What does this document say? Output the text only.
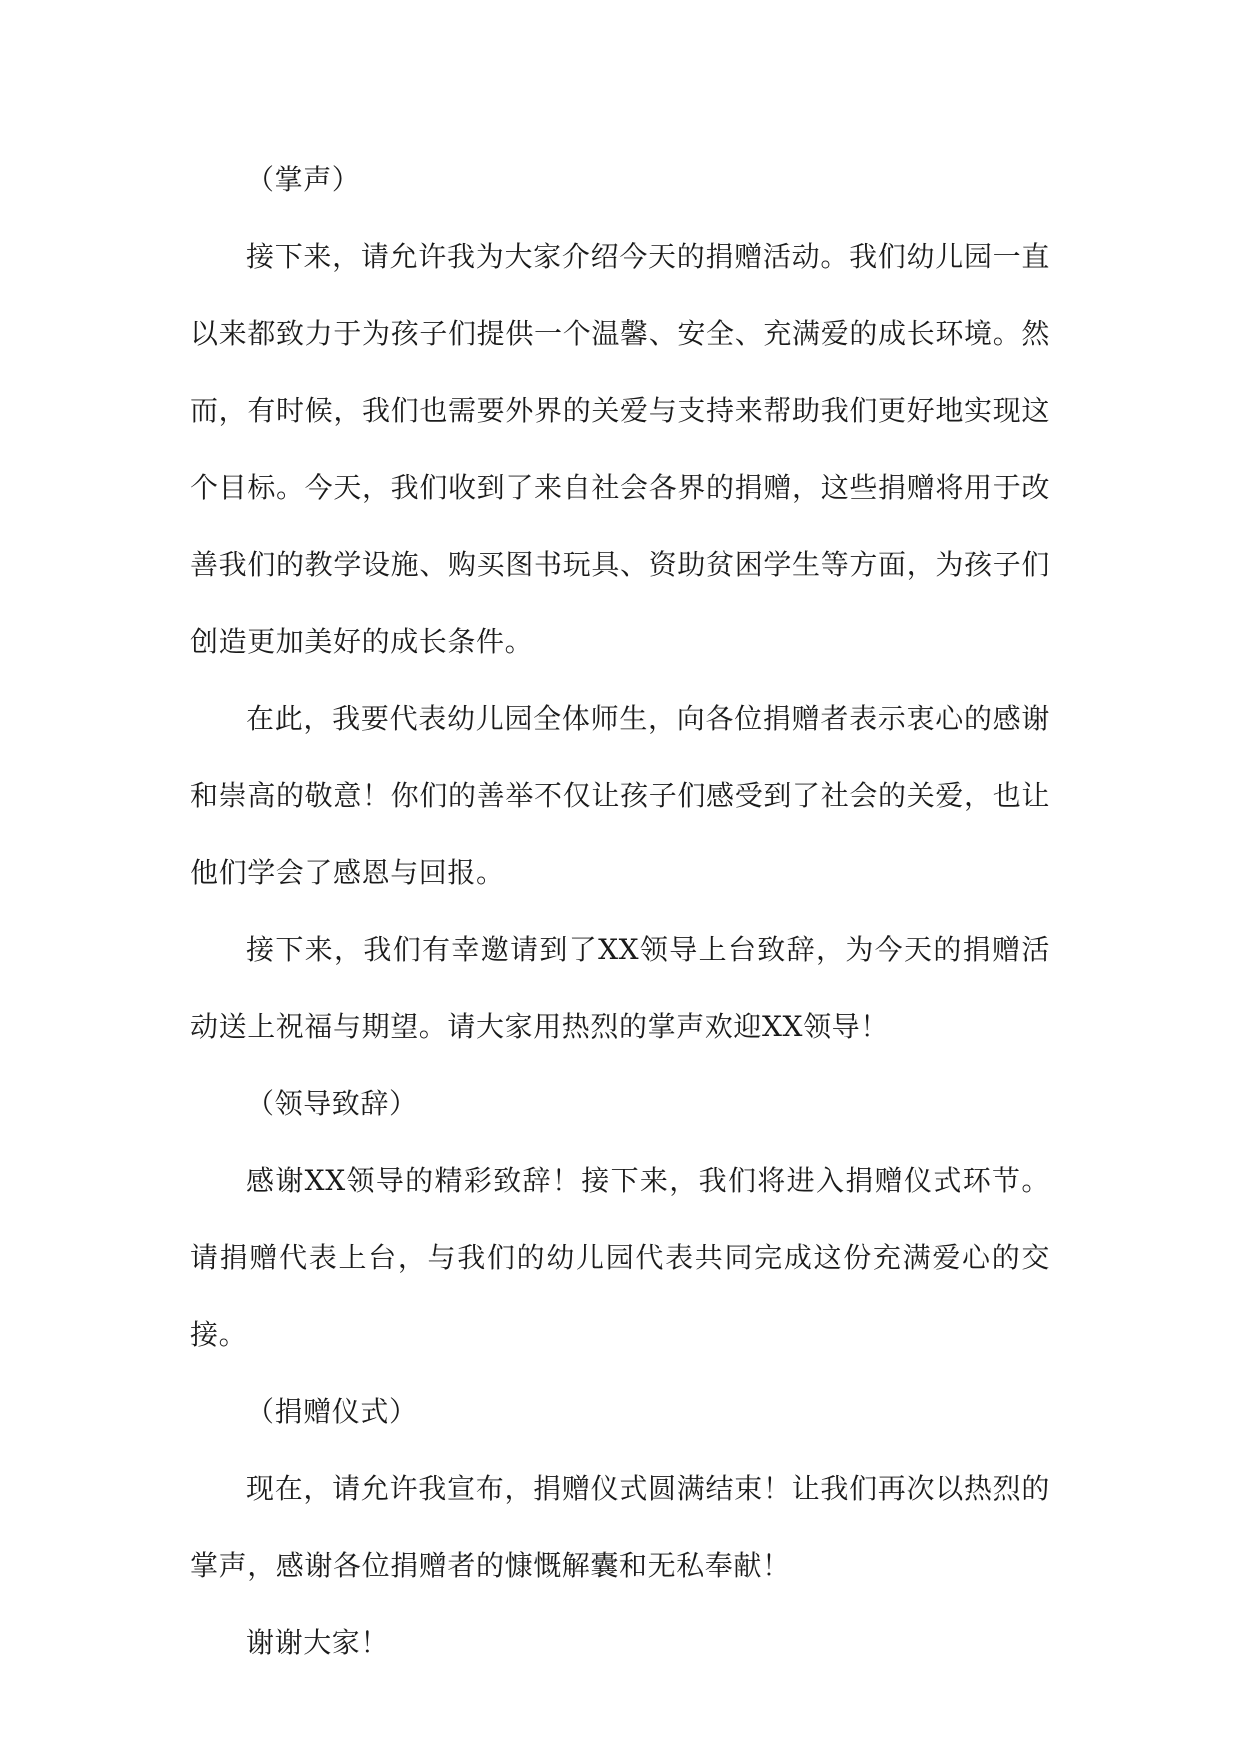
（掌声）

接下来，请允许我为大家介绍今天的捐赠活动。我们幼儿园一直以来都致力于为孩子们提供一个温馨、安全、充满爱的成长环境。然而，有时候，我们也需要外界的关爱与支持来帮助我们更好地实现这个目标。今天，我们收到了来自社会各界的捐赠，这些捐赠将用于改善我们的教学设施、购买图书玩具、资助贫困学生等方面，为孩子们创造更加美好的成长条件。

在此，我要代表幼儿园全体师生，向各位捐赠者表示衷心的感谢和崇高的敬意！你们的善举不仅让孩子们感受到了社会的关爱，也让他们学会了感恩与回报。

接下来，我们有幸邀请到了XX领导上台致辞，为今天的捐赠活动送上祝福与期望。请大家用热烈的掌声欢迎XX领导！

（领导致辞）

感谢XX领导的精彩致辞！接下来，我们将进入捐赠仪式环节。请捐赠代表上台，与我们的幼儿园代表共同完成这份充满爱心的交接。

（捐赠仪式）

现在，请允许我宣布，捐赠仪式圆满结束！让我们再次以热烈的掌声，感谢各位捐赠者的慷慨解囊和无私奉献！

谢谢大家！
